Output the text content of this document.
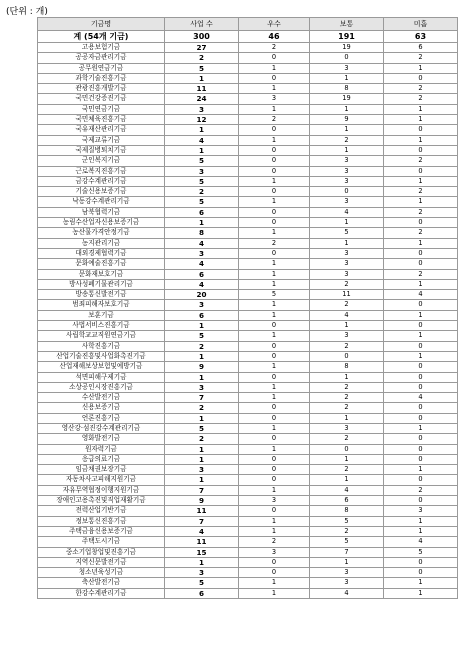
(단위 : 개)
기금명	사업 수	우수	보통	미흡
계 (54개 기금)	300	46	191	63
고용보험기금	27	2	19	6
공공자금관리기금	2	0	0	2
공무원연금기금	5	1	3	1
과학기술진흥기금	1	0	1	0
관광진흥개발기금	11	1	8	2
국민건강증진기금	24	3	19	2
국민연금기금	3	1	1	1
국민체육진흥기금	12	2	9	1
국유재산관리기금	1	0	1	0
국제교류기금	4	1	2	1
국제질병퇴치기금	1	0	1	0
군인복지기금	5	0	3	2
근로복지진흥기금	3	0	3	0
금강수계관리기금	5	1	3	1
기술신용보증기금	2	0	0	2
낙동강수계관리기금	5	1	3	1
남북협력기금	6	0	4	2
농림수산업자신용보증기금	1	0	1	0
농산물가격안정기금	8	1	5	2
농지관리기금	4	2	1	1
대외경제협력기금	3	0	3	0
문화예술진흥기금	4	1	3	0
문화재보호기금	6	1	3	2
방사성폐기물관리기금	4	1	2	1
방송통신발전기금	20	5	11	4
범죄피해자보호기금	3	1	2	0
보훈기금	6	1	4	1
사법서비스진흥기금	1	0	1	0
사립학교교직원연금기금	5	1	3	1
사학진흥기금	2	0	2	0
산업기술진흥및사업화촉진기금	1	0	0	1
산업재해보상보험및예방기금	9	1	8	0
석면피해구제기금	1	0	1	0
소상공인시장진흥기금	3	1	2	0
수산발전기금	7	1	2	4
신용보증기금	2	0	2	0
언론진흥기금	1	0	1	0
영산강·섬진강수계관리기금	5	1	3	1
영화발전기금	2	0	2	0
원자력기금	1	1	0	0
응급의료기금	1	0	1	0
임금채권보장기금	3	0	2	1
자동차사고피해지원기금	1	0	1	0
자유무역협정이행지원기금	7	1	4	2
장애인고용촉진및직업재활기금	9	3	6	0
전력산업기반기금	11	0	8	3
정보통신진흥기금	7	1	5	1
주택금융신용보증기금	4	1	2	1
주택도시기금	11	2	5	4
중소기업창업및진흥기금	15	3	7	5
지역신문발전기금	1	0	1	0
청소년육성기금	3	0	3	0
축산발전기금	5	1	3	1
한강수계관리기금	6	1	4	1
